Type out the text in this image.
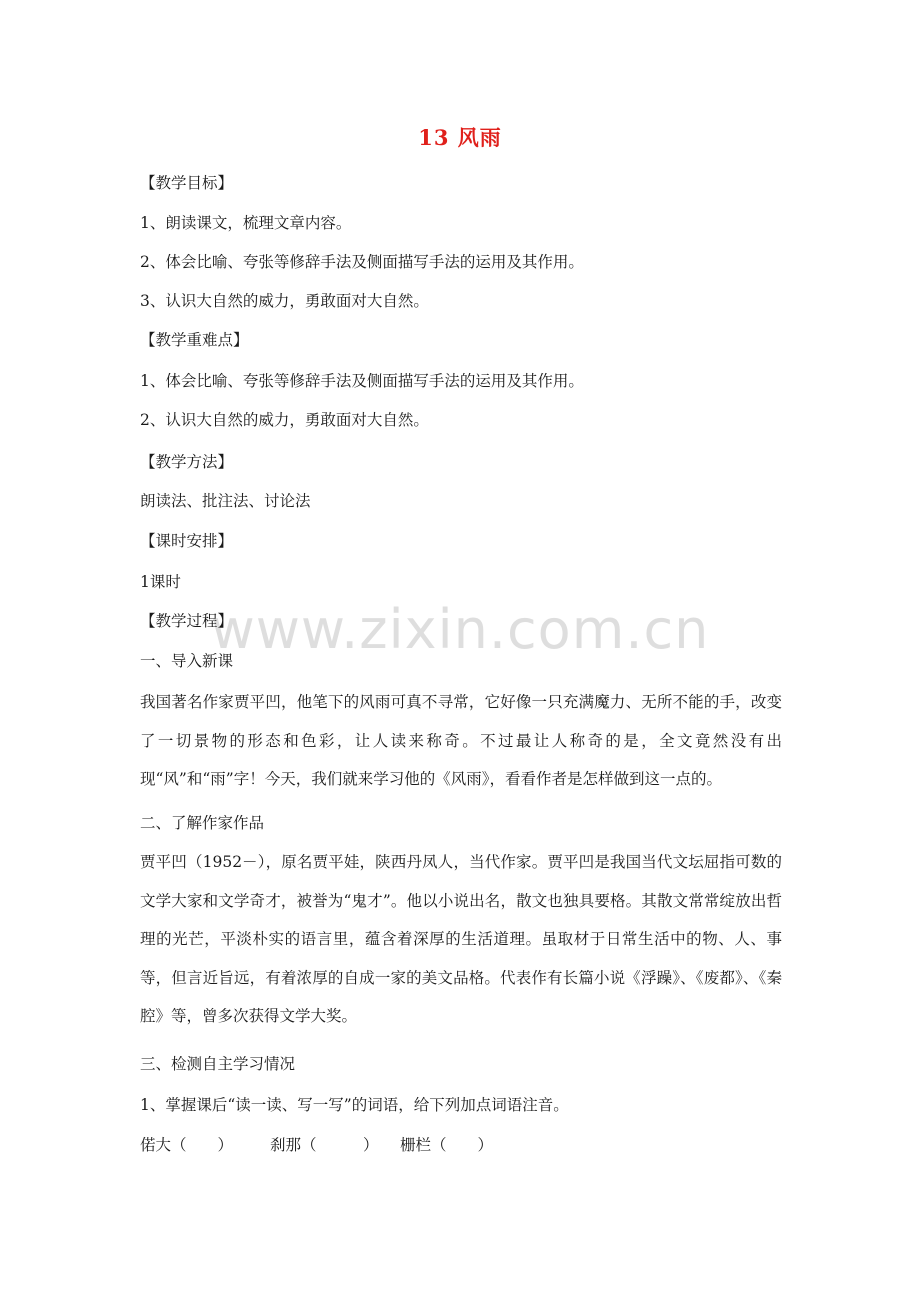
13 风雨
【教学目标】
1、朗读课文，梳理文章内容。
2、体会比喻、夸张等修辞手法及侧面描写手法的运用及其作用。
3、认识大自然的威力，勇敢面对大自然。
【教学重难点】
1、体会比喻、夸张等修辞手法及侧面描写手法的运用及其作用。
2、认识大自然的威力，勇敢面对大自然。
【教学方法】
朗读法、批注法、讨论法
【课时安排】
1课时
【教学过程】
一、导入新课
我国著名作家贾平凹，他笔下的风雨可真不寻常，它好像一只充满魔力、无所不能的手，改变了一切景物的形态和色彩，让人读来称奇。不过最让人称奇的是，全文竟然没有出现“风”和“雨”字！今天，我们就来学习他的《风雨》，看看作者是怎样做到这一点的。
二、了解作家作品
贾平凹（1952－），原名贾平娃，陕西丹凤人，当代作家。贾平凹是我国当代文坛屈指可数的文学大家和文学奇才，被誉为“鬼才”。他以小说出名，散文也独具要格。其散文常常绽放出哲理的光芒，平淡朴实的语言里，蕴含着深厚的生活道理。虽取材于日常生活中的物、人、事等，但言近旨远，有着浓厚的自成一家的美文品格。代表作有长篇小说《浮躁》、《废都》、《秦腔》等，曾多次获得文学大奖。
三、检测自主学习情况
1、掌握课后“读一读、写一写”的词语，给下列加点词语注音。
偌大（　　） 刹那（　　　） 栅栏（　　）
www.zixin.com.cn
